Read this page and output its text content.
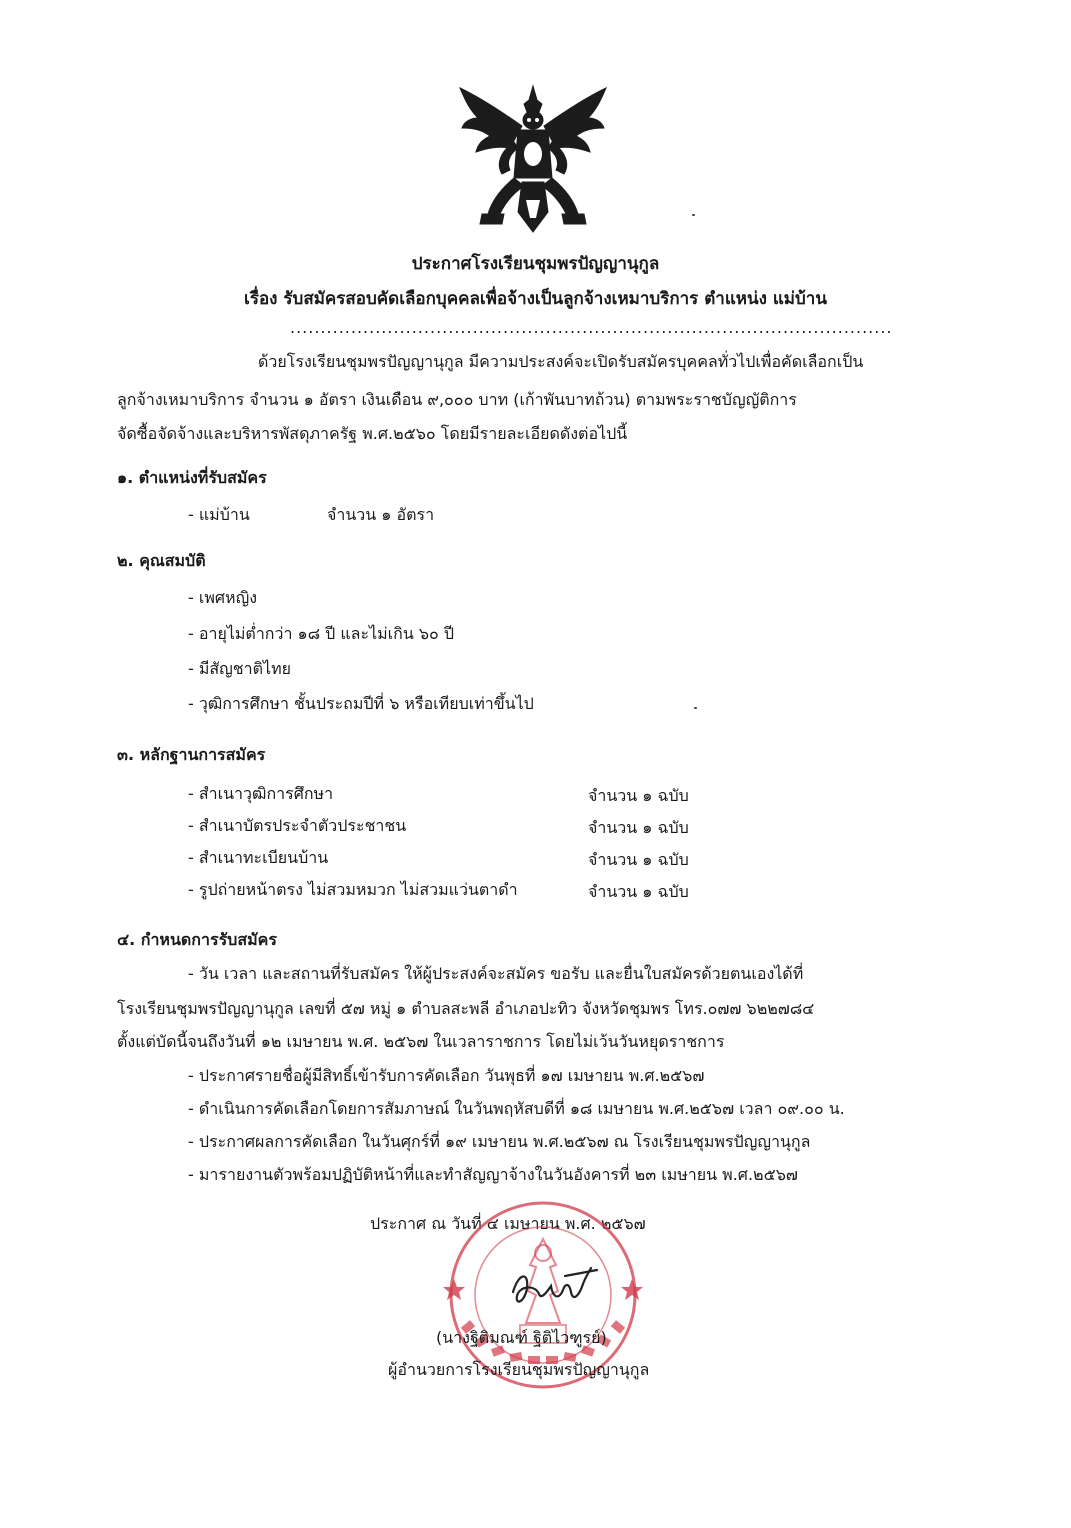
ประกาศโรงเรียนชุมพรปัญญานุกูล
เรื่อง รับสมัครสอบคัดเลือกบุคคลเพื่อจ้างเป็นลูกจ้างเหมาบริการ ตำแหน่ง แม่บ้าน
...................................................................................................
ด้วยโรงเรียนชุมพรปัญญานุกูล มีความประสงค์จะเปิดรับสมัครบุคคลทั่วไปเพื่อคัดเลือกเป็น
ลูกจ้างเหมาบริการ จำนวน ๑ อัตรา เงินเดือน ๙,๐๐๐ บาท (เก้าพันบาทถ้วน) ตามพระราชบัญญัติการ
จัดซื้อจัดจ้างและบริหารพัสดุภาครัฐ พ.ศ.๒๕๖๐ โดยมีรายละเอียดดังต่อไปนี้
๑. ตำแหน่งที่รับสมัคร
- แม่บ้าน	จำนวน ๑ อัตรา
๒. คุณสมบัติ
- เพศหญิง
- อายุไม่ต่ำกว่า ๑๘ ปี และไม่เกิน ๖๐ ปี
- มีสัญชาติไทย
- วุฒิการศึกษา ชั้นประถมปีที่ ๖ หรือเทียบเท่าขึ้นไป
๓. หลักฐานการสมัคร
- สำเนาวุฒิการศึกษา	จำนวน ๑ ฉบับ
- สำเนาบัตรประจำตัวประชาชน	จำนวน ๑ ฉบับ
- สำเนาทะเบียนบ้าน	จำนวน ๑ ฉบับ
- รูปถ่ายหน้าตรง ไม่สวมหมวก ไม่สวมแว่นตาดำ	จำนวน ๑ ฉบับ
๔. กำหนดการรับสมัคร
- วัน เวลา และสถานที่รับสมัคร ให้ผู้ประสงค์จะสมัคร ขอรับ และยื่นใบสมัครด้วยตนเองได้ที่
โรงเรียนชุมพรปัญญานุกูล เลขที่ ๕๗ หมู่ ๑ ตำบลสะพลี อำเภอปะทิว จังหวัดชุมพร โทร.๐๗๗ ๖๒๒๗๘๔
ตั้งแต่บัดนี้จนถึงวันที่ ๑๒ เมษายน พ.ศ. ๒๕๖๗ ในเวลาราชการ โดยไม่เว้นวันหยุดราชการ
- ประกาศรายชื่อผู้มีสิทธิ์เข้ารับการคัดเลือก วันพุธที่ ๑๗ เมษายน พ.ศ.๒๕๖๗
- ดำเนินการคัดเลือกโดยการสัมภาษณ์ ในวันพฤหัสบดีที่ ๑๘ เมษายน พ.ศ.๒๕๖๗ เวลา ๐๙.๐๐ น.
- ประกาศผลการคัดเลือก ในวันศุกร์ที่ ๑๙ เมษายน พ.ศ.๒๕๖๗ ณ โรงเรียนชุมพรปัญญานุกูล
- มารายงานตัวพร้อมปฏิบัติหน้าที่และทำสัญญาจ้างในวันอังคารที่ ๒๓ เมษายน พ.ศ.๒๕๖๗
ประกาศ ณ วันที่ ๔ เมษายน พ.ศ. ๒๕๖๗
(นางฐิติมณฑ์ ฐิติไวฑูรย์)
ผู้อำนวยการโรงเรียนชุมพรปัญญานุกูล
